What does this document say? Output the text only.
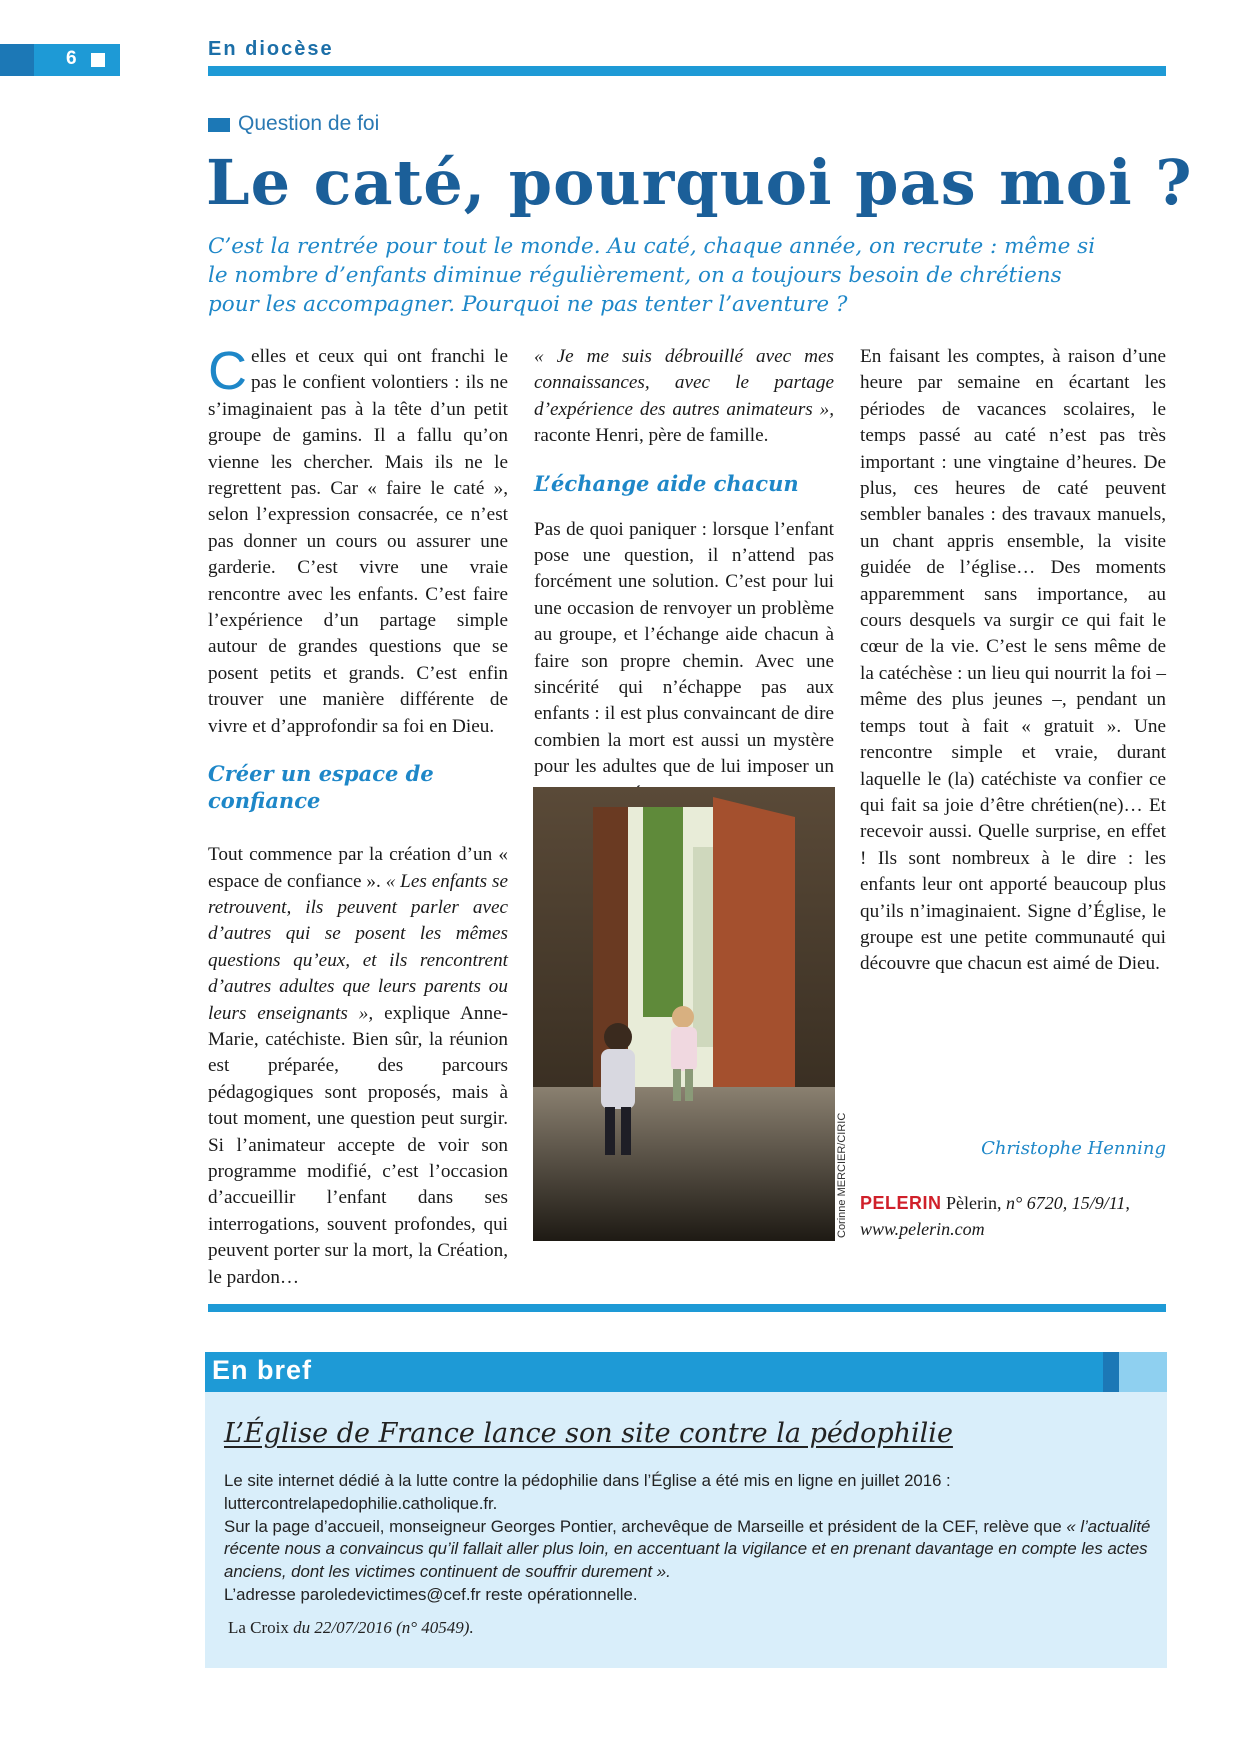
6	En diocèse
Question de foi
Le caté, pourquoi pas moi ?
C’est la rentrée pour tout le monde. Au caté, chaque année, on recrute : même si le nombre d’enfants diminue régulièrement, on a toujours besoin de chrétiens pour les accompagner. Pourquoi ne pas tenter l’aventure ?

Celles et ceux qui ont franchi le pas le confient volontiers : ils ne s’imaginaient pas à la tête d’un petit groupe de gamins. Il a fallu qu’on vienne les chercher. Mais ils ne le regrettent pas. Car « faire le caté », selon l’expression consacrée, ce n’est pas donner un cours ou assurer une garderie. C’est vivre une vraie rencontre avec les enfants. C’est faire l’expérience d’un partage simple autour de grandes questions que se posent petits et grands. C’est enfin trouver une manière différente de vivre et d’approfondir sa foi en Dieu.

Créer un espace de confiance

Tout commence par la création d’un « espace de confiance ». « Les enfants se retrouvent, ils peuvent parler avec d’autres qui se posent les mêmes questions qu’eux, et ils rencontrent d’autres adultes que leurs parents ou leurs enseignants », explique Anne-Marie, catéchiste. Bien sûr, la réunion est préparée, des parcours pédagogiques sont proposés, mais à tout moment, une question peut surgir. Si l’animateur accepte de voir son programme modifié, c’est l’occasion d’accueillir l’enfant dans ses interrogations, souvent profondes, qui peuvent porter sur la mort, la Création, le pardon…

« Je me suis débrouillé avec mes connaissances, avec le partage d’expérience des autres animateurs », raconte Henri, père de famille.

L’échange aide chacun

Pas de quoi paniquer : lorsque l’enfant pose une question, il n’attend pas forcément une solution. C’est pour lui une occasion de renvoyer un problème au groupe, et l’échange aide chacun à faire son propre chemin. Avec une sincérité qui n’échappe pas aux enfants : il est plus convaincant de dire combien la mort est aussi un mystère pour les adultes que de lui imposer un

En faisant les comptes, à raison d’une heure par semaine en écartant les périodes de vacances scolaires, le temps passé au caté n’est pas très important : une vingtaine d’heures. De plus, ces heures de caté peuvent sembler banales : des travaux manuels, un chant appris ensemble, la visite guidée de l’église… Des moments apparemment sans importance, au cours desquels va surgir ce qui fait le cœur de la vie. C’est le sens même de la catéchèse : un lieu qui nourrit la foi – même des plus jeunes –, pendant un temps tout à fait « gratuit ». Une rencontre simple et vraie, durant laquelle le (la) catéchiste va confier ce qui fait sa joie d’être chrétien(ne)… Et recevoir aussi. Quelle surprise, en effet ! Ils sont nombreux à le dire : les enfants leur ont apporté beaucoup plus qu’ils n’imaginaient. Signe d’Église, le groupe est une petite communauté qui découvre que chacun est aimé de Dieu.

Corinne MERCIER/CIRIC	Christophe Henning
PELERIN Pèlerin, n° 6720, 15/9/11, www.pelerin.com
En bref
L’Église de France lance son site contre la pédophilie

Le site internet dédié à la lutte contre la pédophilie dans l’Église a été mis en ligne en juillet 2016 : luttercontrelapedophilie.catholique.fr.

Sur la page d’accueil, monseigneur Georges Pontier, archevêque de Marseille et président de la CEF, relève que « l’actualité récente nous a convaincus qu’il fallait aller plus loin, en accentuant la vigilance et en prenant davantage en compte les actes anciens, dont les victimes continuent de souffrir durement ».

L’adresse paroledevictimes@cef.fr reste opérationnelle.

La Croix du 22/07/2016 (n° 40549).
